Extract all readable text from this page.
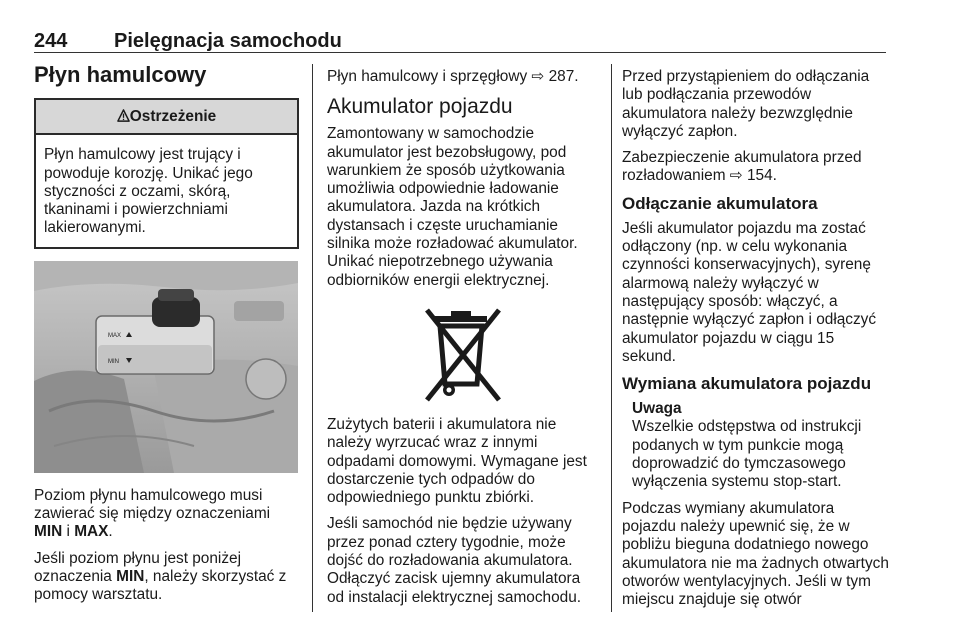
244 Pielęgnacja samochodu
Płyn hamulcowy
Ostrzeżenie
Płyn hamulcowy jest trujący i powoduje korozję. Unikać jego styczności z oczami, skórą, tkaninami i powierzchniami lakierowanymi.
MAX
MIN

Poziom płynu hamulcowego musi zawierać się między oznaczeniami MIN i MAX.

Jeśli poziom płynu jest poniżej oznaczenia MIN, należy skorzystać z pomocy warsztatu.

Płyn hamulcowy i sprzęgłowy ⇨ 287.

Akumulator pojazdu

Zamontowany w samochodzie akumulator jest bezobsługowy, pod warunkiem że sposób użytkowania umożliwia odpowiednie ładowanie akumulatora. Jazda na krótkich dystansach i częste uruchamianie silnika może rozładować akumulator. Unikać niepotrzebnego używania odbiorników energii elektrycznej.

Zużytych baterii i akumulatora nie należy wyrzucać wraz z innymi odpadami domowymi. Wymagane jest dostarczenie tych odpadów do odpowiedniego punktu zbiórki.

Jeśli samochód nie będzie używany przez ponad cztery tygodnie, może dojść do rozładowania akumulatora. Odłączyć zacisk ujemny akumulatora od instalacji elektrycznej samochodu.

Przed przystąpieniem do odłączania lub podłączania przewodów akumulatora należy bezwzględnie wyłączyć zapłon.

Zabezpieczenie akumulatora przed rozładowaniem ⇨ 154.

Odłączanie akumulatora

Jeśli akumulator pojazdu ma zostać odłączony (np. w celu wykonania czynności konserwacyjnych), syrenę alarmową należy wyłączyć w następujący sposób: włączyć, a następnie wyłączyć zapłon i odłączyć akumulator pojazdu w ciągu 15 sekund.

Wymiana akumulatora pojazdu
Uwaga
Wszelkie odstępstwa od instrukcji podanych w tym punkcie mogą doprowadzić do tymczasowego wyłączenia systemu stop-start.

Podczas wymiany akumulatora pojazdu należy upewnić się, że w pobliżu bieguna dodatniego nowego akumulatora nie ma żadnych otwartych otworów wentylacyjnych. Jeśli w tym miejscu znajduje się otwór
